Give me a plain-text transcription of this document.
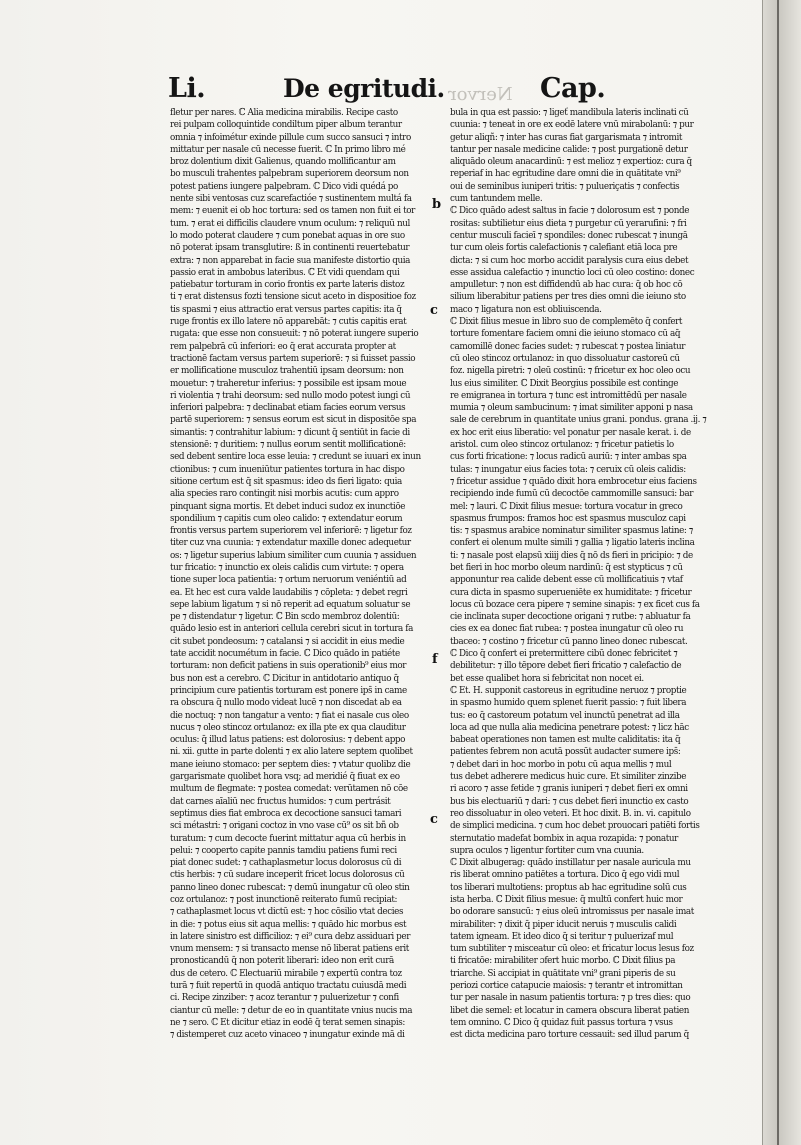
Li.	De egritudi. Nervor Cap.
fletur per nares. ℂ Alia medicina mirabilis. Recipe casto
rei pulpam colloquintide condiltum piper album terantur
omnia ⁊ infoimétur exinde pillule cum succo sansuci ⁊ intro
mittatur per nasale cū necesse fuerit. ℂ In primo libro mé
broz dolentium dixit Galienus, quando mollificantur am
bo musculi trahentes palpebram superiorem deorsum non
potest patiens iungere palpebram. ℂ Dico vidi quédá po
nente sibi ventosas cuz scarefactióe ⁊ sustinentem multá fa
mem: ⁊ euenit ei ob hoc tortura: sed os tamen non fuit ei tor
tum. ⁊ erat ei difficilis claudere vnum oculum: ⁊ reliquū nul
lo modo poterat claudere ⁊ cum ponebat aquas in ore suo
nō poterat ipsam transglutire: ß in continenti reuertebatur
extra: ⁊ non apparebat in facie sua manifeste distortio quia
passio erat in ambobus lateribus. ℂ Et vidi quendam qui
patiebatur torturam in corio frontis ex parte lateris distoz
ti ⁊ erat distensus fozti tensione sicut aceto in dispositioe foz
tis spasmi ⁊ eius attractio erat versus partes capitis: ita q̄
ruge frontis ex illo latere nō apparebāt: ⁊ cutis capitis erat
rugata: que esse non consueuit: ⁊ nō poterat iungere superio
rem palpebrā cū inferiori: eo q̄ erat accurata propter at
tractionē factam versus partem superiorē: ⁊ si fuisset passio
er mollificatione musculoz trahentiū ipsam deorsum: non
mouetur: ⁊ traheretur inferius: ⁊ possibile est ipsam moue
ri violentia ⁊ trahi deorsum: sed nullo modo potest iungi cū
inferiori palpebra: ⁊ declinabat etiam facies eorum versus
partē superiorem: ⁊ sensus eorum est sicut in dispositōe spa
simantis: ⁊ contrahitur labium: ⁊ dicunt q̄ sentiūt in facie di
stensionē: ⁊ duritiem: ⁊ nullus eorum sentit mollificationē:
sed debent sentire loca esse leuia: ⁊ credunt se iuuari ex inun
ctionibus: ⁊ cum inueniūtur patientes tortura in hac dispo
sitione certum est q̄ sit spasmus: ideo ds fieri ligato: quia
alia species raro contingit nisi morbis acutis: cum appro
pinquant signa mortis. Et debet induci sudoz ex inunctiōe
spondilium ⁊ capitis cum oleo calido: ⁊ extendatur eorum
frontis versus partem superiorem vel inferiorē: ⁊ ligetur foz
titer cuz vna cuunia: ⁊ extendatur maxille donec adequetur
os: ⁊ ligetur superius labium similiter cum cuunia ⁊ assiduen
tur fricatio: ⁊ inunctio ex oleis calidis cum virtute: ⁊ opera
tione super loca patientia: ⁊ ortum neruorum veniéntiū ad
ea. Et hec est cura valde laudabilis ⁊ cōpleta: ⁊ debet regri
sepe labium ligatum ⁊ si nō reperit ad equatum soluatur se
pe ⁊ distendatur ⁊ ligetur. ℂ Bin scdo membroz dolentiū:
quādo lesio est in anteriori cellula cerebri sicut in tortura fa
cit subet pondeosum: ⁊ catalansi ⁊ si accidit in eius medie
tate accidit nocumétum in facie. ℂ Dico quādo in patiéte
torturam: non deficit patiens in suis operationib⁹ eius mor
bus non est a cerebro. ℂ Dicitur in antidotario antiquo q̄
principium cure patientis torturam est ponere ips̄ in came
ra obscura q̄ nullo modo videat lucē ⁊ non discedat ab ea
die noctuq: ⁊ non tangatur a vento: ⁊ fiat ei nasale cus oleo
nucus ⁊ oleo stincoz ortulanoz: ex illa pte ex qua clauditur
oculus: q̄ illud latus patiens: est dolorosius: ⁊ debent appo
ni. xii. gutte in parte dolenti ⁊ ex alio latere septem quolibet
mane ieiuno stomaco: per septem dies: ⁊ vtatur quolibz die
gargarismate quolibet hora vsq; ad meridié q̄ fiuat ex eo
multum de flegmate: ⁊ postea comedat: verūtamen nō cōe
dat carnes aīaliū nec fructus humidos: ⁊ cum pertrásit
septimus dies fiat embroca ex decoctione sansuci tamari
sci métastri: ⁊ origani coctoz in vno vase cū⁹ os sit bñ ob
turatum: ⁊ cum decocte fuerint mittatur aqua cū herbis in
pelui: ⁊ cooperto capite pannis tamdiu patiens fumi reci
piat donec sudet: ⁊ cathaplasmetur locus dolorosus cū di
ctis herbis: ⁊ cū sudare inceperit fricet locus dolorosus cū
panno lineo donec rubescat: ⁊ demū inungatur cū oleo stin
coz ortulanoz: ⁊ post inunctionē reiterato fumū recipiat:
⁊ cathaplasmet locus vt dictū est: ⁊ hoc cōsilio vtat decies
in die: ⁊ potus eius sit aqua mellis: ⁊ quādo hic morbus est
in latere sinistro est difficilioz: ⁊ ei⁹ cura debz assiduari per
vnum mensem: ⁊ si transacto mense nō liberat patiens erit
pronosticandū q̄ non poterit liberari: ideo non erit curā
dus de cetero. ℂ Electuariū mirabile ⁊ expertū contra toz
turā ⁊ fuit repertū in quodā antiquo tractatu cuiusdā medi
ci. Recipe zinziber: ⁊ acoz terantur ⁊ puluerizetur ⁊ confi
ciantur cū melle: ⁊ detur de eo in quantitate vnius nucis ma
ne ⁊ sero. ℂ Et dicitur etiaz in eodē q̄ terat semen sinapis:
⁊ distemperet cuz aceto vinaceo ⁊ inungatur exinde mā di
bula in qua est passio: ⁊ ligeť mandibula lateris inclinati cū
cuunia: ⁊ teneat in ore ex eodē latere vnū mirabolanū: ⁊ pur
getur aliqñ: ⁊ inter has curas fiat gargarismata ⁊ intromit
tantur per nasale medicine calide: ⁊ post purgationē detur
aliquādo oleum anacardinū: ⁊ est melioz ⁊ expertioz: cura q̄
reperiaf in hac egritudine dare omni die in quātitate vni⁹
oui de seminibus iuniperi tritis: ⁊ pulueriçatis ⁊ confectis
cum tantundem melle.
ℂ Dico quādo adest saltus in facie ⁊ dolorosum est ⁊ ponde
rositas: subtilietur eius dieta ⁊ purgetur cū yerarufini: ⁊ fri
centur musculi facieī ⁊ spondiles: donec rubescat ⁊ inungā
tur cum oleis fortis calefactionis ⁊ calefiant etiā loca pre
dicta: ⁊ si cum hoc morbo accidit paralysis cura eius debet
esse assidua calefactio ⁊ inunctio loci cū oleo costino: donec
ampulletur: ⁊ non est diffidendū ab hac cura: q̄ ob hoc cō
silium liberabitur patiens per tres dies omni die ieiuno sto
maco ⁊ ligatura non est obliuiscenda.
ℂ Dixit filius mesue in libro suo de complemēto q̄ confert
torture fomentare faciem omni die ieiuno stomaco cū aq̄
camomillē donec facies sudet: ⁊ rubescat ⁊ postea liniatur
cū oleo stincoz ortulanoz: in quo dissoluatur castoreū cū
foz. nigella piretri: ⁊ oleū costinū: ⁊ fricetur ex hoc oleo ocu
lus eius similiter. ℂ Dixit Beorgius possibile est continge
re emigranea in tortura ⁊ tunc est intromittēdū per nasale
mumia ⁊ oleum sambucinum: ⁊ imat similiter apponi p nasa
sale de cerebrum in quantitate unius grani. pondus. grana .ij. ⁊
ex hoc erit eius liberatio: vel ponatur per nasale kerat. i. de
aristol. cum oleo stincoz ortulanoz: ⁊ fricetur patietis lo
cus forti fricatione: ⁊ locus radicū auriū: ⁊ inter ambas spa
tulas: ⁊ inungatur eius facies tota: ⁊ ceruix cū oleis calidis:
⁊ fricetur assidue ⁊ quādo dixit hora embrocetur eius faciens
recipiendo inde fumū cū decoctōe cammomille sansuci: bar
mel: ⁊ lauri. ℂ Dixit filius mesue: tortura vocatur in greco
spasmus frumpos: framos hoc est spasmus musculoz capi
tis: ⁊ spasmus arabice nominatur similiter spasmus latine: ⁊
confert ei olenum multe simili ⁊ gallia ⁊ ligatio lateris inclina
ti: ⁊ nasale post elapsū xiiij dies q̄ nō ds fieri in pricipio: ⁊ de
bet fieri in hoc morbo oleum nardinū: q̄ est stypticus ⁊ cū
apponuntur rea calide debent esse cū mollificatiuis ⁊ vtaf
cura dicta in spasmo superueniēte ex humiditate: ⁊ fricetur
locus cū bozace cera pipere ⁊ semine sinapis: ⁊ ex ficet cus fa
cie inclinata super decoctione origani ⁊ rutbe: ⁊ abluatur fa
cies ex ea donec fiat rubea: ⁊ postea inungatur cū oleo ru
tbaceo: ⁊ costino ⁊ fricetur cū panno lineo donec rubescat.
ℂ Dico q̄ confert ei pretermittere cibū donec febricitet ⁊
debilitetur: ⁊ illo tēpore debet fieri fricatio ⁊ calefactio de
bet esse qualibet hora si febricitat non nocet ei.
ℂ Et. H. supponit castoreus in egritudine neruoz ⁊ proptie
in spasmo humido quem splenet fuerit passio: ⁊ fuit libera
tus: eo q̄ castoreum potatum vel inunctū penetrat ad illa
loca ad que nulla alia medicina penetrare potest: ⁊ licz hāc
babeat operationes non tamen est multe caliditatis: ita q̄
patientes febrem non acutā possūt audacter sumere ips̄:
⁊ debet dari in hoc morbo in potu cū aqua mellis ⁊ mul
tus debet adherere medicus huic cure. Et similiter zinzibe
ri acoro ⁊ asse fetide ⁊ granis iuniperi ⁊ debet fieri ex omni
bus bis electuariū ⁊ dari: ⁊ cus debet fieri inunctio ex casto
reo dissoluatur in oleo veteri. Et hoc dixit. B. in. vi. capitulo
de simplici medicina. ⁊ cum hoc debet prouocari patiēti fortis
sternutatio madefat bombix in aqua rozapida: ⁊ ponatur
supra oculos ⁊ ligentur fortiter cum vna cuunia.
ℂ Dixit albugerag: quādo instillatur per nasale auricula mu
ris liberat omnino patiētes a tortura. Dico q̄ ego vidi mul
tos liberari multotiens: proptus ab hac egritudine solū cus
ista herba. ℂ Dixit filius mesue: q̄ multū confert huic mor
bo odorare sansucū: ⁊ eius oleū intromissus per nasale imat
mirabiliter: ⁊ dixit q̄ piper iducit neruis ⁊ musculis calidi
tatem igneam. Et ideo dico q̄ si teritur ⁊ puluerizaf mul
tum subtiliter ⁊ misceatur cū oleo: et fricatur locus lesus foz
ti fricatōe: mirabiliter ɔfert huic morbo. ℂ Dixit filius pa
triarche. Si accipiat in quātitate vni⁹ grani piperis de su
periozi cortice catapucie maiosis: ⁊ terantr et intromittan
tur per nasale in nasum patientis tortura: ⁊ p tres dies: quo
libet die semel: et locatur in camera obscura liberat patien
tem omnino. ℂ Dico q̄ quidaz fuit passus tortura ⁊ vsus
est dicta medicina paro torture cessauit: sed illud parum q̄
b
c
f
c
